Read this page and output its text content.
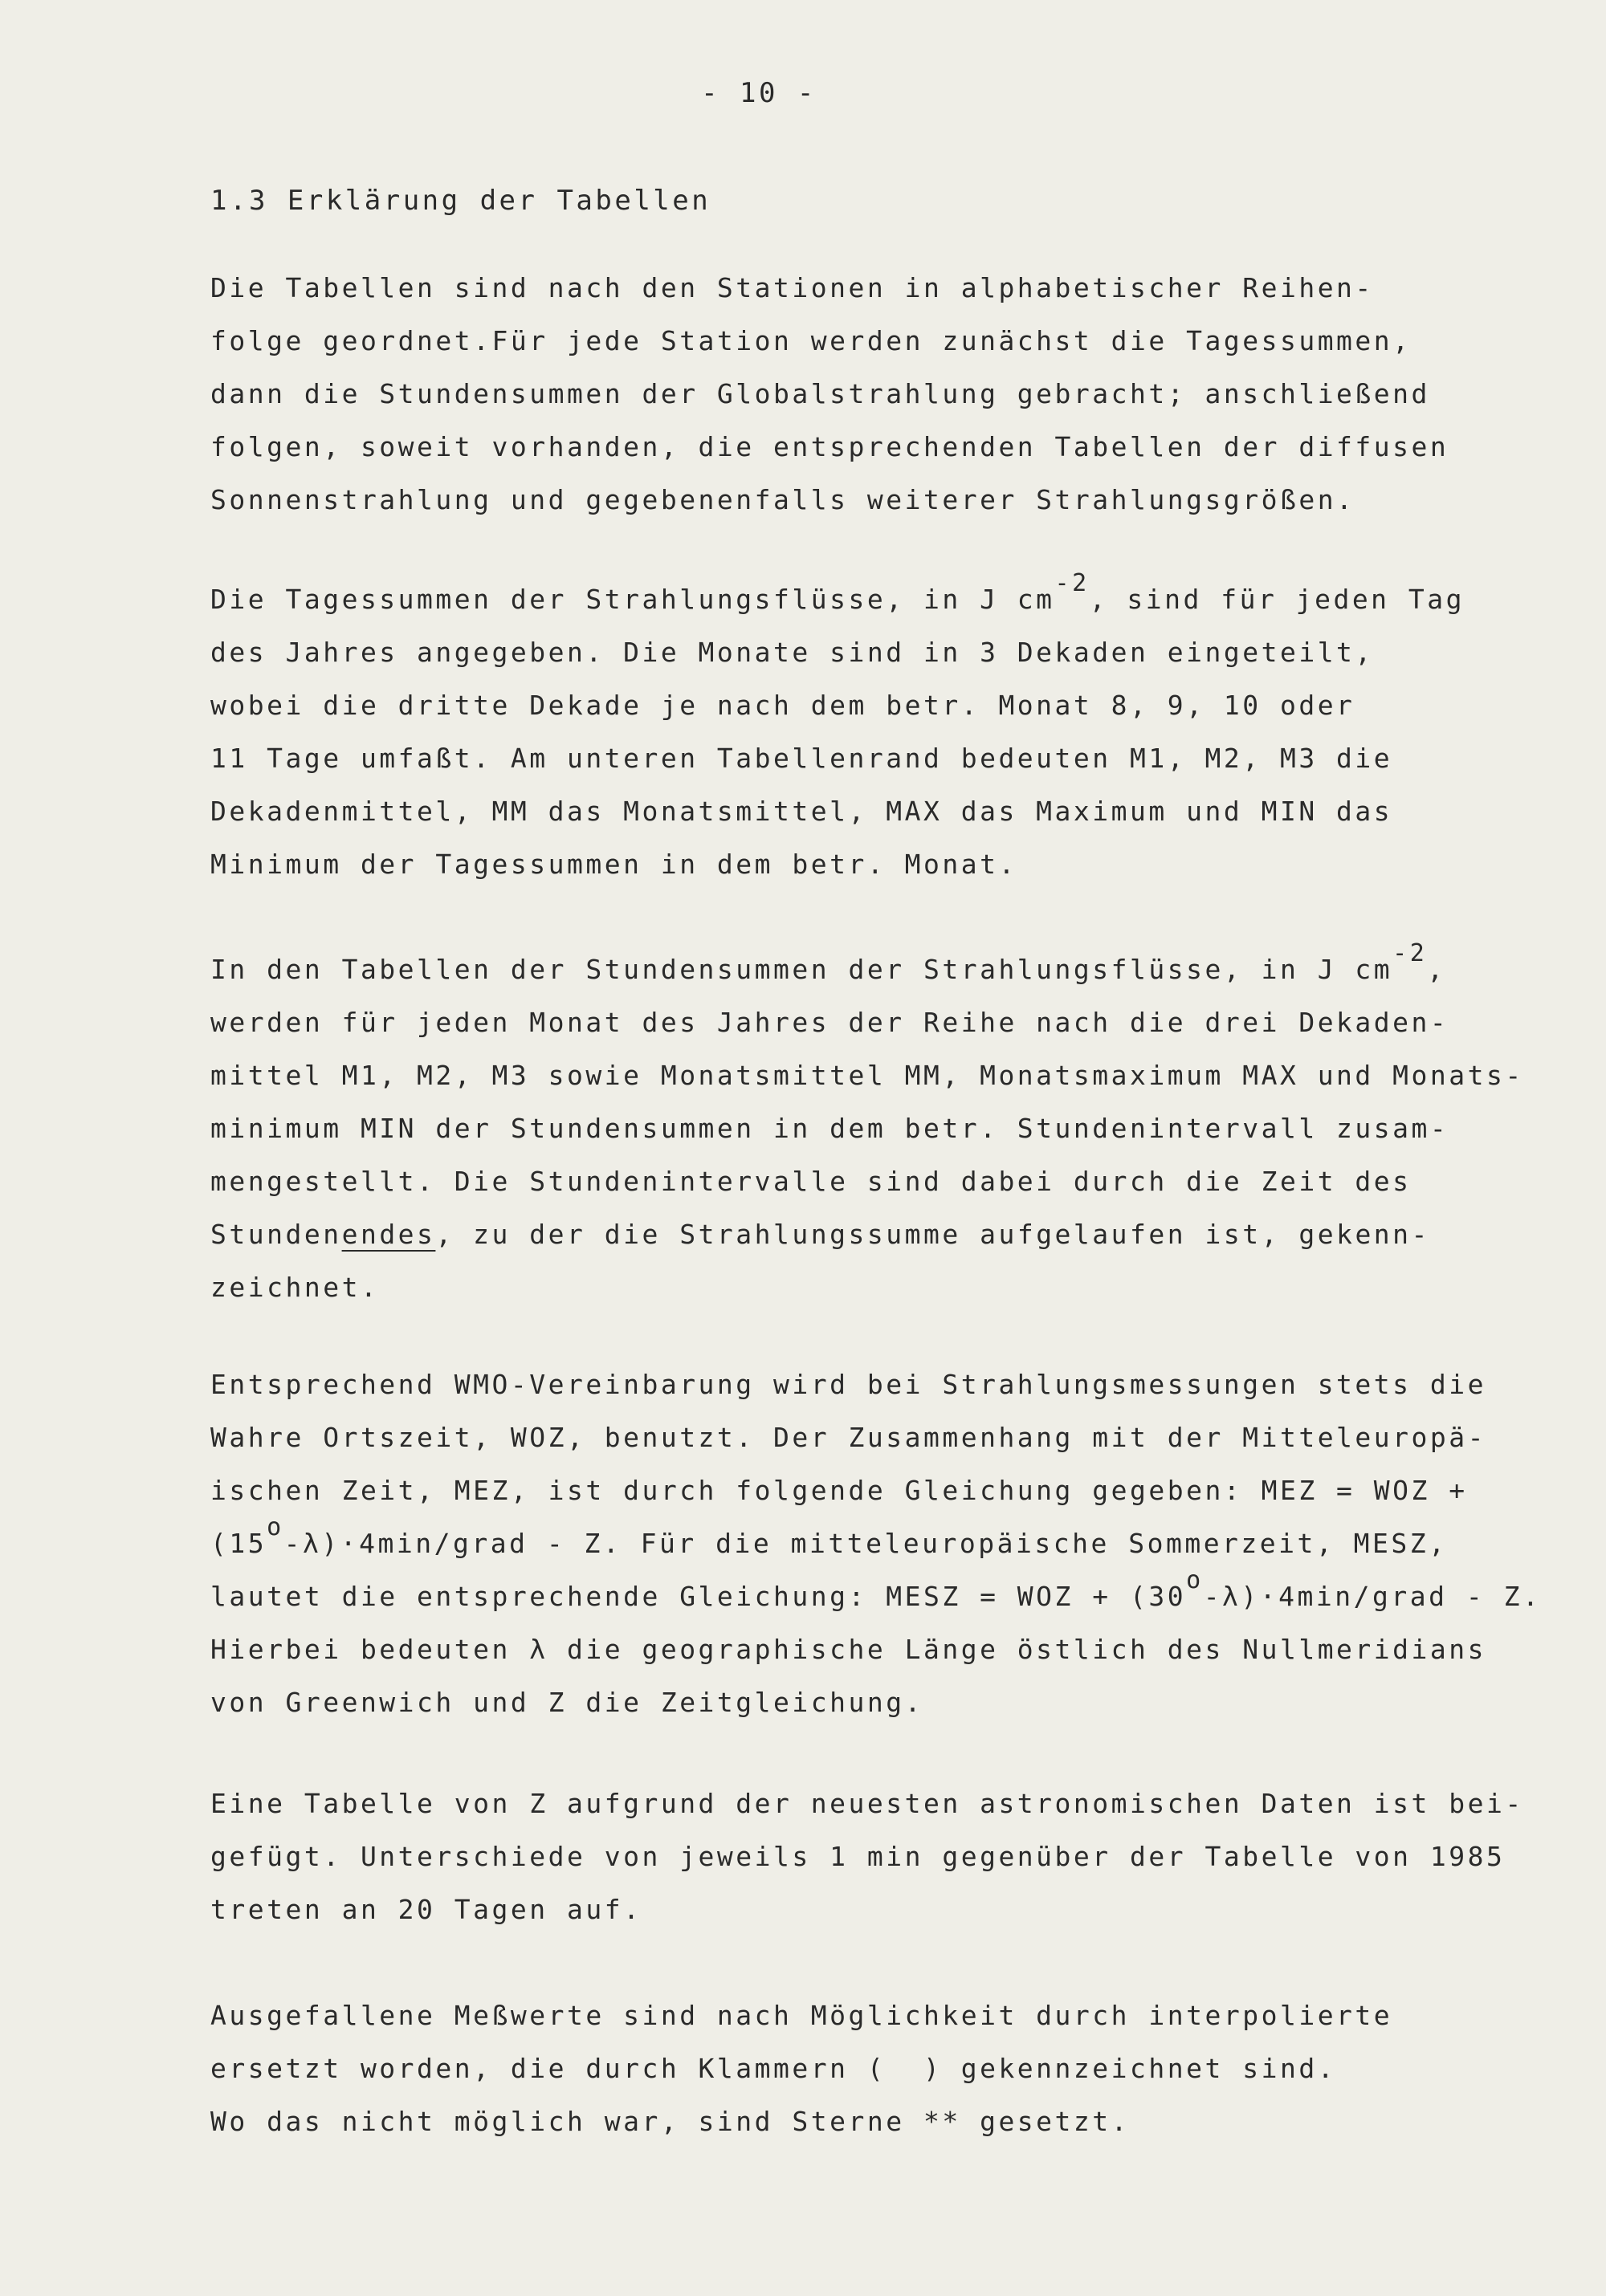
- 10 -
1.3 Erklärung der Tabellen
Die Tabellen sind nach den Stationen in alphabetischer Reihen-
folge geordnet.Für jede Station werden zunächst die Tagessummen,
dann die Stundensummen der Globalstrahlung gebracht; anschließend
folgen, soweit vorhanden, die entsprechenden Tabellen der diffusen
Sonnenstrahlung und gegebenenfalls weiterer Strahlungsgrößen.
Die Tagessummen der Strahlungsflüsse, in J cm-2, sind für jeden Tag
des Jahres angegeben. Die Monate sind in 3 Dekaden eingeteilt,
wobei die dritte Dekade je nach dem betr. Monat 8, 9, 10 oder
11 Tage umfaßt. Am unteren Tabellenrand bedeuten M1, M2, M3 die
Dekadenmittel, MM das Monatsmittel, MAX das Maximum und MIN das
Minimum der Tagessummen in dem betr. Monat.
In den Tabellen der Stundensummen der Strahlungsflüsse, in J cm-2,
werden für jeden Monat des Jahres der Reihe nach die drei Dekaden-
mittel M1, M2, M3 sowie Monatsmittel MM, Monatsmaximum MAX und Monats-
minimum MIN der Stundensummen in dem betr. Stundenintervall zusam-
mengestellt. Die Stundenintervalle sind dabei durch die Zeit des
Stundenendes, zu der die Strahlungssumme aufgelaufen ist, gekenn-
zeichnet.
Entsprechend WMO-Vereinbarung wird bei Strahlungsmessungen stets die
Wahre Ortszeit, WOZ, benutzt. Der Zusammenhang mit der Mitteleuropä-
ischen Zeit, MEZ, ist durch folgende Gleichung gegeben: MEZ = WOZ +
(15o-λ)·4min/grad - Z. Für die mitteleuropäische Sommerzeit, MESZ,
lautet die entsprechende Gleichung: MESZ = WOZ + (30o-λ)·4min/grad - Z.
Hierbei bedeuten λ die geographische Länge östlich des Nullmeridians
von Greenwich und Z die Zeitgleichung.
Eine Tabelle von Z aufgrund der neuesten astronomischen Daten ist bei-
gefügt. Unterschiede von jeweils 1 min gegenüber der Tabelle von 1985
treten an 20 Tagen auf.
Ausgefallene Meßwerte sind nach Möglichkeit durch interpolierte
ersetzt worden, die durch Klammern (  ) gekennzeichnet sind.
Wo das nicht möglich war, sind Sterne ** gesetzt.
